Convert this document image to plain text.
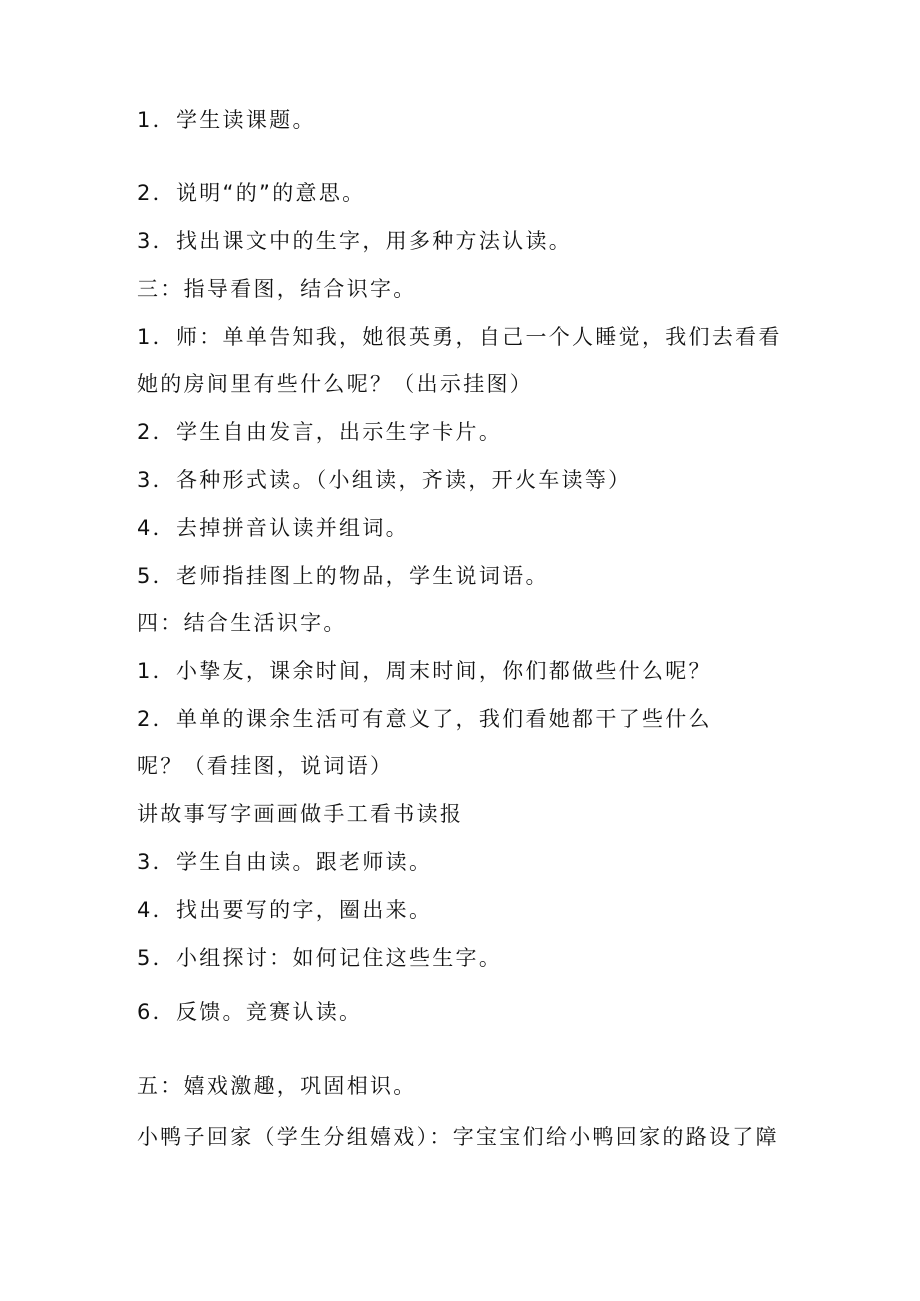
1．学生读课题。
2．说明“的”的意思。
3．找出课文中的生字，用多种方法认读。
三：指导看图，结合识字。
1．师：单单告知我，她很英勇，自己一个人睡觉，我们去看看
她的房间里有些什么呢？（出示挂图）
2．学生自由发言，出示生字卡片。
3．各种形式读。（小组读，齐读，开火车读等）
4．去掉拼音认读并组词。
5．老师指挂图上的物品，学生说词语。
四：结合生活识字。
1．小挚友，课余时间，周末时间，你们都做些什么呢？
2．单单的课余生活可有意义了，我们看她都干了些什么
呢？（看挂图，说词语）
讲故事写字画画做手工看书读报
3．学生自由读。跟老师读。
4．找出要写的字，圈出来。
5．小组探讨：如何记住这些生字。
6．反馈。竞赛认读。
五：嬉戏激趣，巩固相识。
小鸭子回家（学生分组嬉戏）：字宝宝们给小鸭回家的路设了障
